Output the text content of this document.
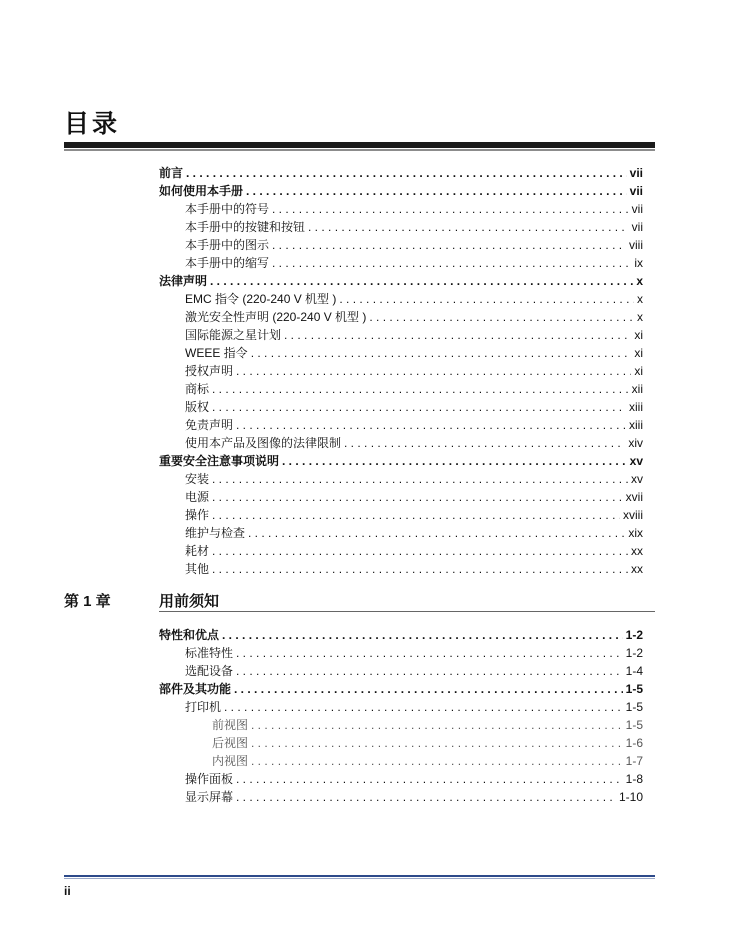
目录
前言 . . .	vii
如何使用本手册 . . .	vii
本手册中的符号 . . .	vii
本手册中的按键和按钮 . . .	vii
本手册中的图示 . . .	viii
本手册中的缩写 . . .	ix
法律声明 . . .	x
EMC 指令 (220-240 V 机型 ) . . .	x
激光安全性声明 (220-240 V 机型 ) . . .	x
国际能源之星计划 . . .	xi
WEEE 指令 . . .	xi
授权声明 . . .	xi
商标 . . .	xii
版权 . . .	xiii
免责声明 . . .	xiii
使用本产品及图像的法律限制 . . .	xiv
重要安全注意事项说明 . . .	xv
安装 . . .	xv
电源 . . .	xvii
操作 . . .	xviii
维护与检查 . . .	xix
耗材 . . .	xx
其他 . . .	xx
第 1 章	用前须知
特性和优点 . . .	1-2
标准特性 . . .	1-2
选配设备 . . .	1-4
部件及其功能 . . .	1-5
打印机 . . .	1-5
前视图 . . .	1-5
后视图 . . .	1-6
内视图 . . .	1-7
操作面板 . . .	1-8
显示屏幕 . . .	1-10
ii
